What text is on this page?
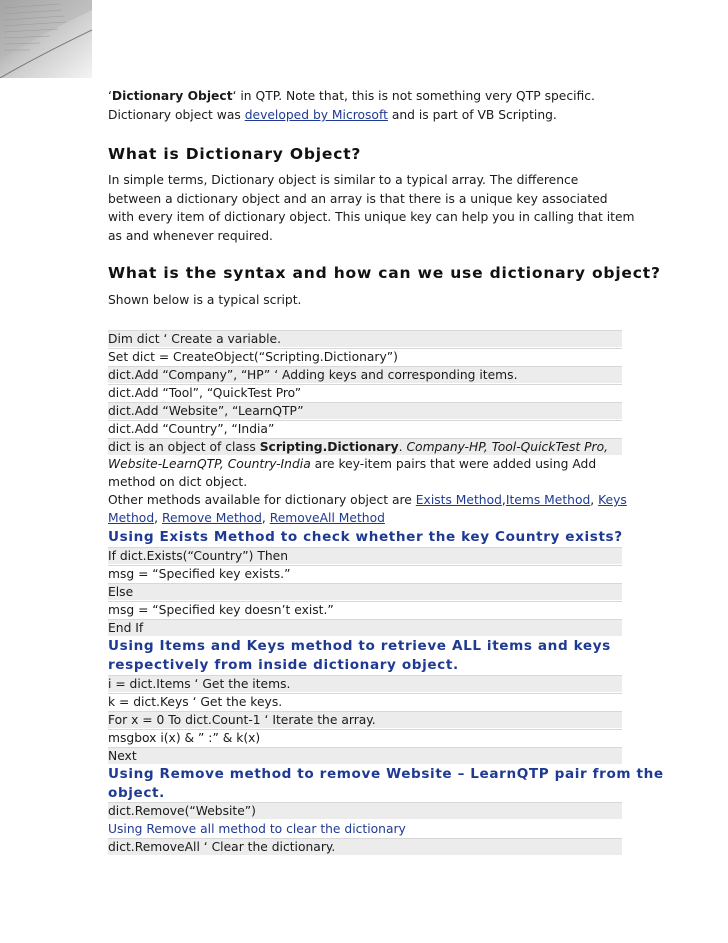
‘Dictionary Object‘ in QTP. Note that, this is not something very QTP specific.

Dictionary object was developed by Microsoft and is part of VB Scripting.

What is Dictionary Object?

In simple terms, Dictionary object is similar to a typical array. The difference

between a dictionary object and an array is that there is a unique key associated

with every item of dictionary object. This unique key can help you in calling that item

as and whenever required.

What is the syntax and how can we use dictionary object?

Shown below is a typical script.

Dim dict ‘ Create a variable.
Set dict = CreateObject(“Scripting.Dictionary”)
dict.Add “Company”, “HP” ‘ Adding keys and corresponding items.
dict.Add “Tool”, “QuickTest Pro”
dict.Add “Website”, “LearnQTP”
dict.Add “Country”, “India”
dict is an object of class Scripting.Dictionary. Company-HP, Tool-QuickTest Pro,
Website-LearnQTP, Country-India are key-item pairs that were added using Add
method on dict object.
Other methods available for dictionary object are Exists Method,Items Method, Keys
Method, Remove Method, RemoveAll Method
Using Exists Method to check whether the key Country exists?
If dict.Exists(“Country”) Then
msg = “Specified key exists.”
Else
msg = “Specified key doesn’t exist.”
End If
Using Items and Keys method to retrieve ALL items and keys
respectively from inside dictionary object.
i = dict.Items ‘ Get the items.
k = dict.Keys ‘ Get the keys.
For x = 0 To dict.Count-1 ‘ Iterate the array.
msgbox i(x) & ” :” & k(x)
Next
Using Remove method to remove Website – LearnQTP pair from the
object.
dict.Remove(“Website”)
Using Remove all method to clear the dictionary
dict.RemoveAll ‘ Clear the dictionary.
